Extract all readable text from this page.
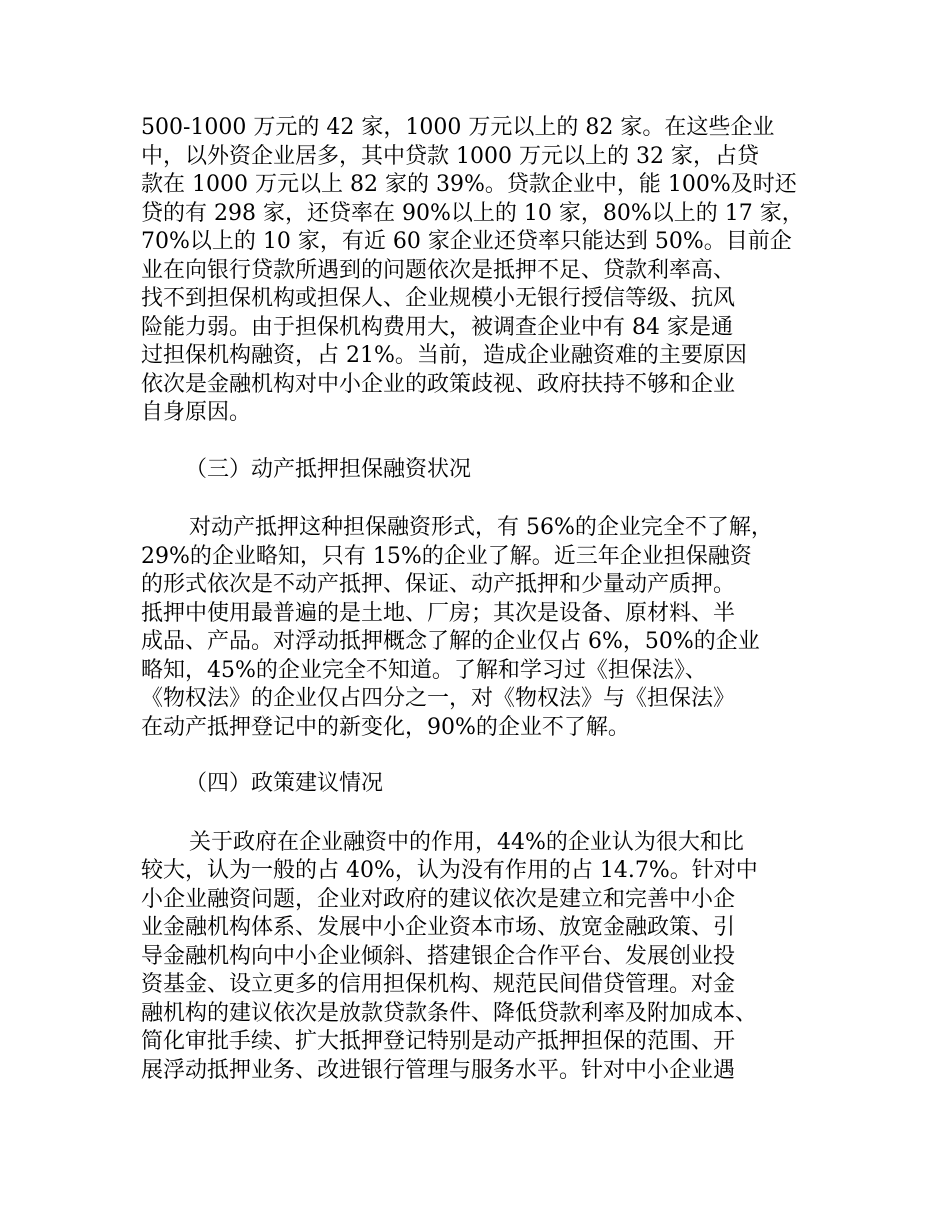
500-1000 万元的 42 家，1000 万元以上的 82 家。在这些企业
中，以外资企业居多，其中贷款 1000 万元以上的 32 家，占贷
款在 1000 万元以上 82 家的 39%。贷款企业中，能 100%及时还
贷的有 298 家，还贷率在 90%以上的 10 家，80%以上的 17 家，
70%以上的 10 家，有近 60 家企业还贷率只能达到 50%。目前企
业在向银行贷款所遇到的问题依次是抵押不足、贷款利率高、
找不到担保机构或担保人、企业规模小无银行授信等级、抗风
险能力弱。由于担保机构费用大，被调查企业中有 84 家是通
过担保机构融资，占 21%。当前，造成企业融资难的主要原因
依次是金融机构对中小企业的政策歧视、政府扶持不够和企业
自身原因。
（三）动产抵押担保融资状况
对动产抵押这种担保融资形式，有 56%的企业完全不了解，
29%的企业略知，只有 15%的企业了解。近三年企业担保融资
的形式依次是不动产抵押、保证、动产抵押和少量动产质押。
抵押中使用最普遍的是土地、厂房；其次是设备、原材料、半
成品、产品。对浮动抵押概念了解的企业仅占 6%，50%的企业
略知，45%的企业完全不知道。了解和学习过《担保法》、
《物权法》的企业仅占四分之一，对《物权法》与《担保法》
在动产抵押登记中的新变化，90%的企业不了解。
（四）政策建议情况
关于政府在企业融资中的作用，44%的企业认为很大和比
较大，认为一般的占 40%，认为没有作用的占 14.7%。针对中
小企业融资问题，企业对政府的建议依次是建立和完善中小企
业金融机构体系、发展中小企业资本市场、放宽金融政策、引
导金融机构向中小企业倾斜、搭建银企合作平台、发展创业投
资基金、设立更多的信用担保机构、规范民间借贷管理。对金
融机构的建议依次是放款贷款条件、降低贷款利率及附加成本、
简化审批手续、扩大抵押登记特别是动产抵押担保的范围、开
展浮动抵押业务、改进银行管理与服务水平。针对中小企业遇
